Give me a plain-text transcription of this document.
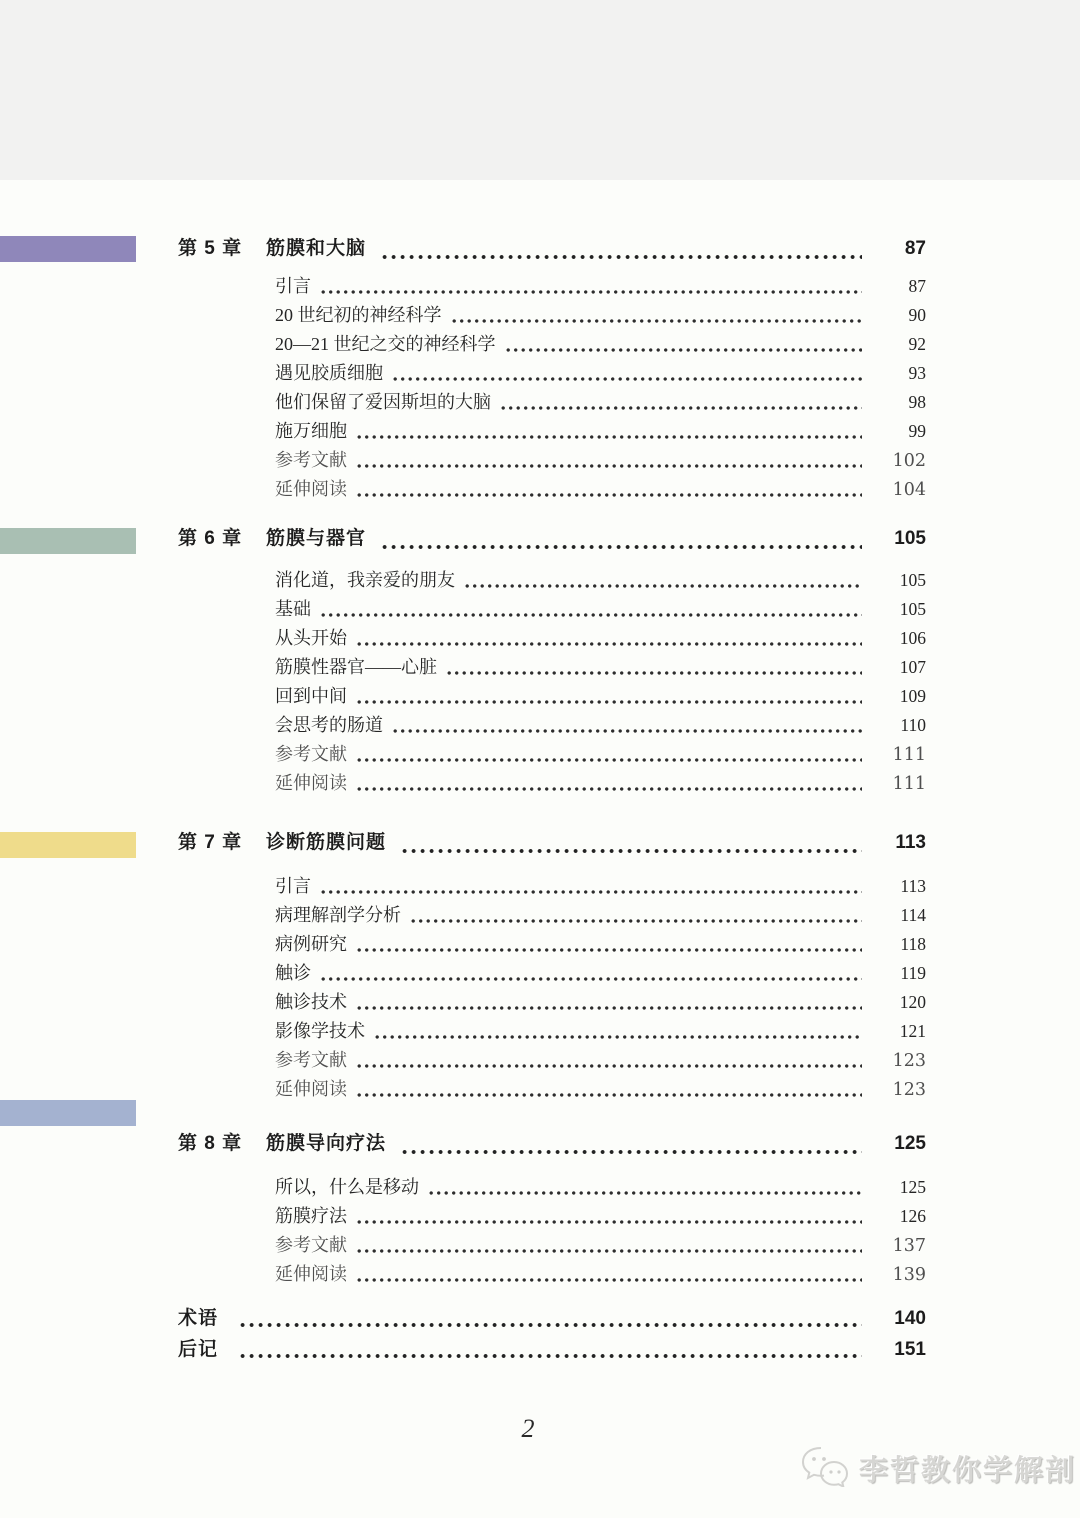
第 5 章	筋膜和大脑	87
引言	87
20 世纪初的神经科学	90
20—21 世纪之交的神经科学	92
遇见胶质细胞	93
他们保留了爱因斯坦的大脑	98
施万细胞	99
参考文献	102
延伸阅读	104
第 6 章	筋膜与器官	105
消化道，我亲爱的朋友	105
基础	105
从头开始	106
筋膜性器官——心脏	107
回到中间	109
会思考的肠道	110
参考文献	111
延伸阅读	111
第 7 章	诊断筋膜问题	113
引言	113
病理解剖学分析	114
病例研究	118
触诊	119
触诊技术	120
影像学技术	121
参考文献	123
延伸阅读	123
第 8 章	筋膜导向疗法	125
所以，什么是移动	125
筋膜疗法	126
参考文献	137
延伸阅读	139
术语	140
后记	151
2
李哲教你学解剖
